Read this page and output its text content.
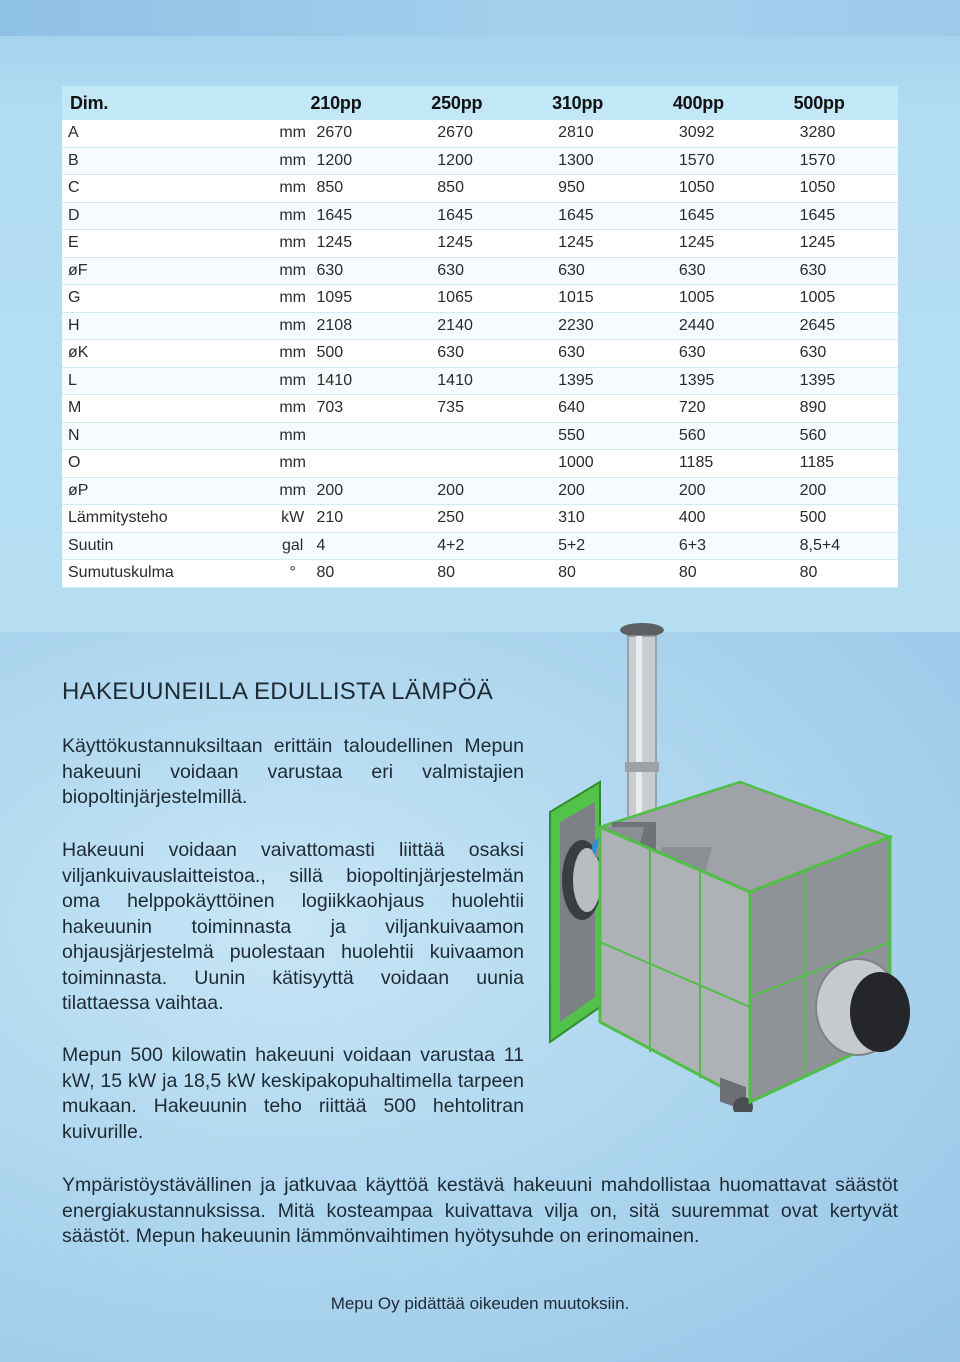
Dim.		210pp	250pp	310pp	400pp	500pp
A	mm	2670	2670	2810	3092	3280
B	mm	1200	1200	1300	1570	1570
C	mm	850	850	950	1050	1050
D	mm	1645	1645	1645	1645	1645
E	mm	1245	1245	1245	1245	1245
øF	mm	630	630	630	630	630
G	mm	1095	1065	1015	1005	1005
H	mm	2108	2140	2230	2440	2645
øK	mm	500	630	630	630	630
L	mm	1410	1410	1395	1395	1395
M	mm	703	735	640	720	890
N	mm			550	560	560
O	mm			1000	1185	1185
øP	mm	200	200	200	200	200
Lämmitysteho	kW	210	250	310	400	500
Suutin	gal	4	4+2	5+2	6+3	8,5+4
Sumutuskulma	°	80	80	80	80	80
HAKEUUNEILLA EDULLISTA LÄMPÖÄ

Käyttökustannuksiltaan erittäin taloudellinen Mepun hakeuuni voidaan varustaa eri valmistajien biopoltinjärjestelmillä.

Hakeuuni voidaan vaivattomasti liittää osaksi viljankuivauslaitteistoa., sillä biopoltinjärjestelmän oma helppokäyttöinen logiikkaohjaus huolehtii hakeuunin toiminnasta ja viljankuivaamon ohjausjärjestelmä puolestaan huolehtii kuivaamon toiminnasta. Uunin kätisyyttä voidaan uunia tilattaessa vaihtaa.

Mepun 500 kilowatin hakeuuni voidaan varustaa 11 kW, 15 kW ja 18,5 kW keskipakopuhaltimella tarpeen mukaan. Hakeuunin teho riittää 500 hehtolitran kuivurille.

Ympäristöystävällinen ja jatkuvaa käyttöä kestävä hakeuuni mahdollistaa huomattavat säästöt energiakustannuksissa. Mitä kosteampaa kuivattava vilja on, sitä suuremmat ovat kertyvät säästöt. Mepun hakeuunin lämmönvaihtimen hyötysuhde on erinomainen.

Mepu Oy pidättää oikeuden muutoksiin.
